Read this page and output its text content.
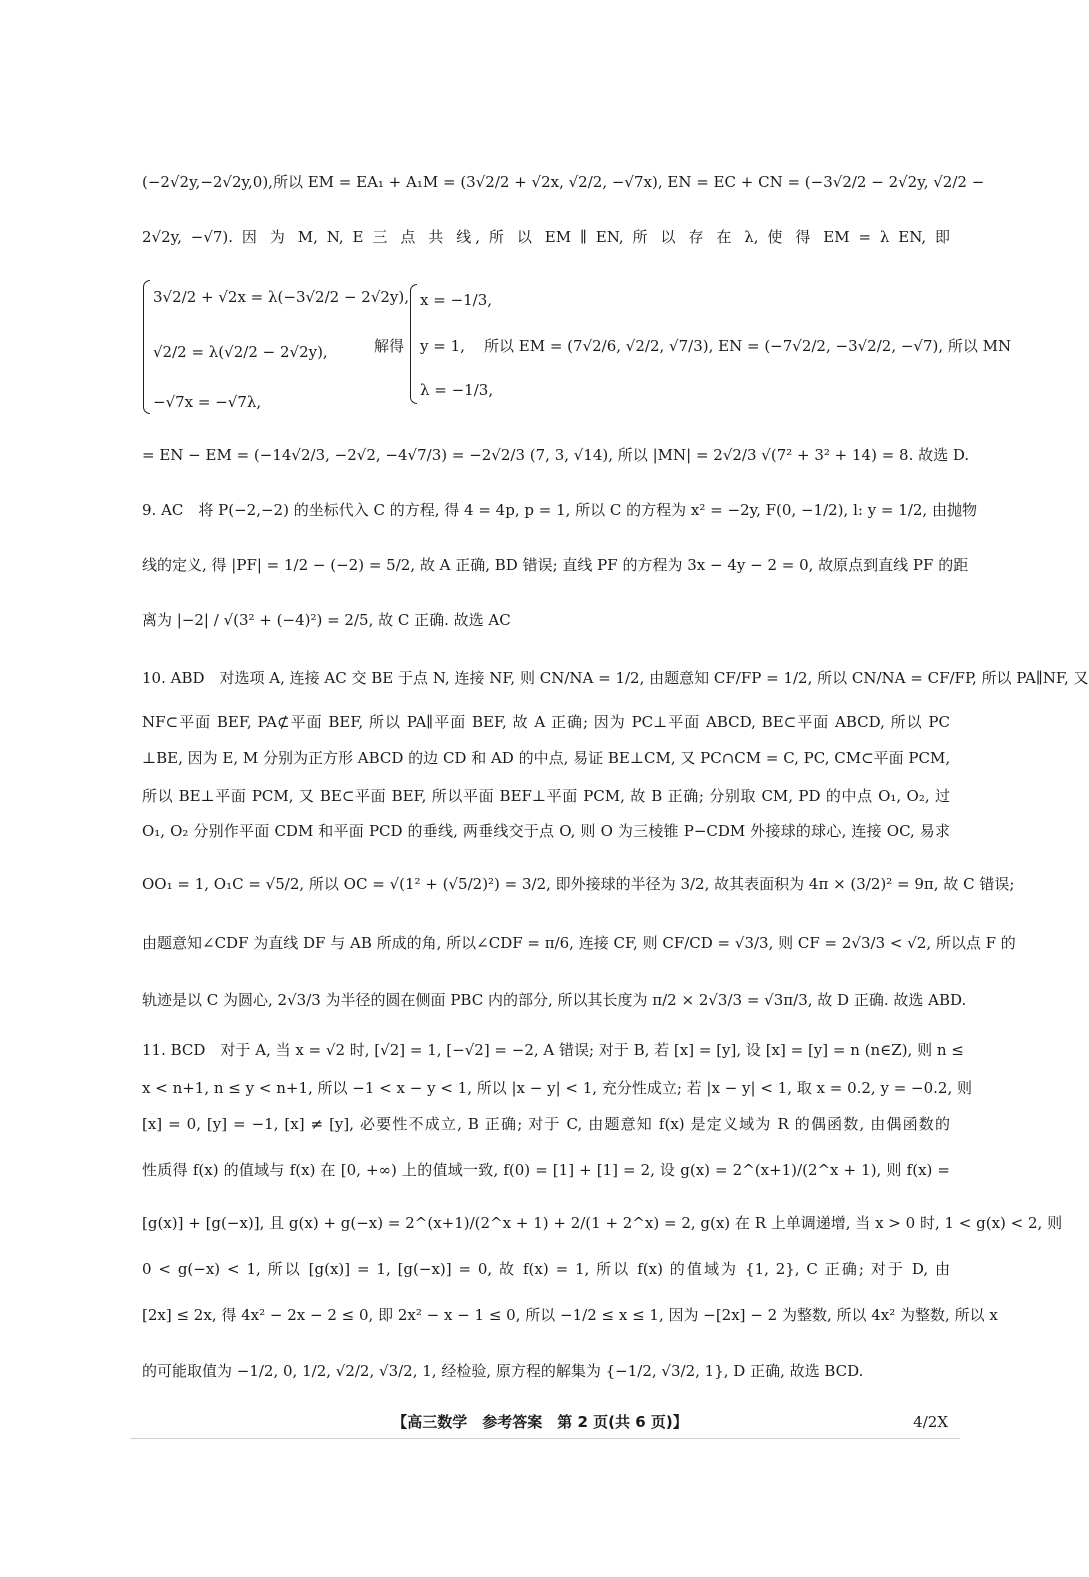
(−2√2y,−2√2y,0),所以 EM = EA₁ + A₁M = (3√2/2 + √2x, √2/2, −√7x), EN = EC + CN = (−3√2/2 − 2√2y, √2/2 −
2√2y, −√7). 因 为 M, N, E 三 点 共 线, 所 以 EM ∥ EN, 所 以 存 在 λ, 使 得 EM = λ EN, 即
3√2/2 + √2x = λ(−3√2/2 − 2√2y),
√2/2 = λ(√2/2 − 2√2y),
−√7x = −√7λ,
解得
x = −1/3,
y = 1,
λ = −1/3,
所以 EM = (7√2/6, √2/2, √7/3), EN = (−7√2/2, −3√2/2, −√7), 所以 MN
= EN − EM = (−14√2/3, −2√2, −4√7/3) = −2√2/3 (7, 3, √14), 所以 |MN| = 2√2/3 √(7² + 3² + 14) = 8. 故选 D.
9. AC　将 P(−2,−2) 的坐标代入 C 的方程, 得 4 = 4p, p = 1, 所以 C 的方程为 x² = −2y, F(0, −1/2), l: y = 1/2, 由抛物
线的定义, 得 |PF| = 1/2 − (−2) = 5/2, 故 A 正确, BD 错误; 直线 PF 的方程为 3x − 4y − 2 = 0, 故原点到直线 PF 的距
离为 |−2| / √(3² + (−4)²) = 2/5, 故 C 正确. 故选 AC
10. ABD　对选项 A, 连接 AC 交 BE 于点 N, 连接 NF, 则 CN/NA = 1/2, 由题意知 CF/FP = 1/2, 所以 CN/NA = CF/FP, 所以 PA∥NF, 又
NF⊂平面 BEF, PA⊄平面 BEF, 所以 PA∥平面 BEF, 故 A 正确; 因为 PC⊥平面 ABCD, BE⊂平面 ABCD, 所以 PC
⊥BE, 因为 E, M 分别为正方形 ABCD 的边 CD 和 AD 的中点, 易证 BE⊥CM, 又 PC∩CM = C, PC, CM⊂平面 PCM,
所以 BE⊥平面 PCM, 又 BE⊂平面 BEF, 所以平面 BEF⊥平面 PCM, 故 B 正确; 分别取 CM, PD 的中点 O₁, O₂, 过
O₁, O₂ 分别作平面 CDM 和平面 PCD 的垂线, 两垂线交于点 O, 则 O 为三棱锥 P−CDM 外接球的球心, 连接 OC, 易求
OO₁ = 1, O₁C = √5/2, 所以 OC = √(1² + (√5/2)²) = 3/2, 即外接球的半径为 3/2, 故其表面积为 4π × (3/2)² = 9π, 故 C 错误;
由题意知∠CDF 为直线 DF 与 AB 所成的角, 所以∠CDF = π/6, 连接 CF, 则 CF/CD = √3/3, 则 CF = 2√3/3 < √2, 所以点 F 的
轨迹是以 C 为圆心, 2√3/3 为半径的圆在侧面 PBC 内的部分, 所以其长度为 π/2 × 2√3/3 = √3π/3, 故 D 正确. 故选 ABD.
11. BCD　对于 A, 当 x = √2 时, [√2] = 1, [−√2] = −2, A 错误; 对于 B, 若 [x] = [y], 设 [x] = [y] = n (n∈Z), 则 n ≤
x < n+1, n ≤ y < n+1, 所以 −1 < x − y < 1, 所以 |x − y| < 1, 充分性成立; 若 |x − y| < 1, 取 x = 0.2, y = −0.2, 则
[x] = 0, [y] = −1, [x] ≠ [y], 必要性不成立, B 正确; 对于 C, 由题意知 f(x) 是定义域为 R 的偶函数, 由偶函数的
性质得 f(x) 的值域与 f(x) 在 [0, +∞) 上的值域一致, f(0) = [1] + [1] = 2, 设 g(x) = 2^(x+1)/(2^x + 1), 则 f(x) =
[g(x)] + [g(−x)], 且 g(x) + g(−x) = 2^(x+1)/(2^x + 1) + 2/(1 + 2^x) = 2, g(x) 在 R 上单调递增, 当 x > 0 时, 1 < g(x) < 2, 则
0 < g(−x) < 1, 所以 [g(x)] = 1, [g(−x)] = 0, 故 f(x) = 1, 所以 f(x) 的值域为 {1, 2}, C 正确; 对于 D, 由
[2x] ≤ 2x, 得 4x² − 2x − 2 ≤ 0, 即 2x² − x − 1 ≤ 0, 所以 −1/2 ≤ x ≤ 1, 因为 −[2x] − 2 为整数, 所以 4x² 为整数, 所以 x
的可能取值为 −1/2, 0, 1/2, √2/2, √3/2, 1, 经检验, 原方程的解集为 {−1/2, √3/2, 1}, D 正确, 故选 BCD.
【高三数学　参考答案　第 2 页(共 6 页)】	4/2X
